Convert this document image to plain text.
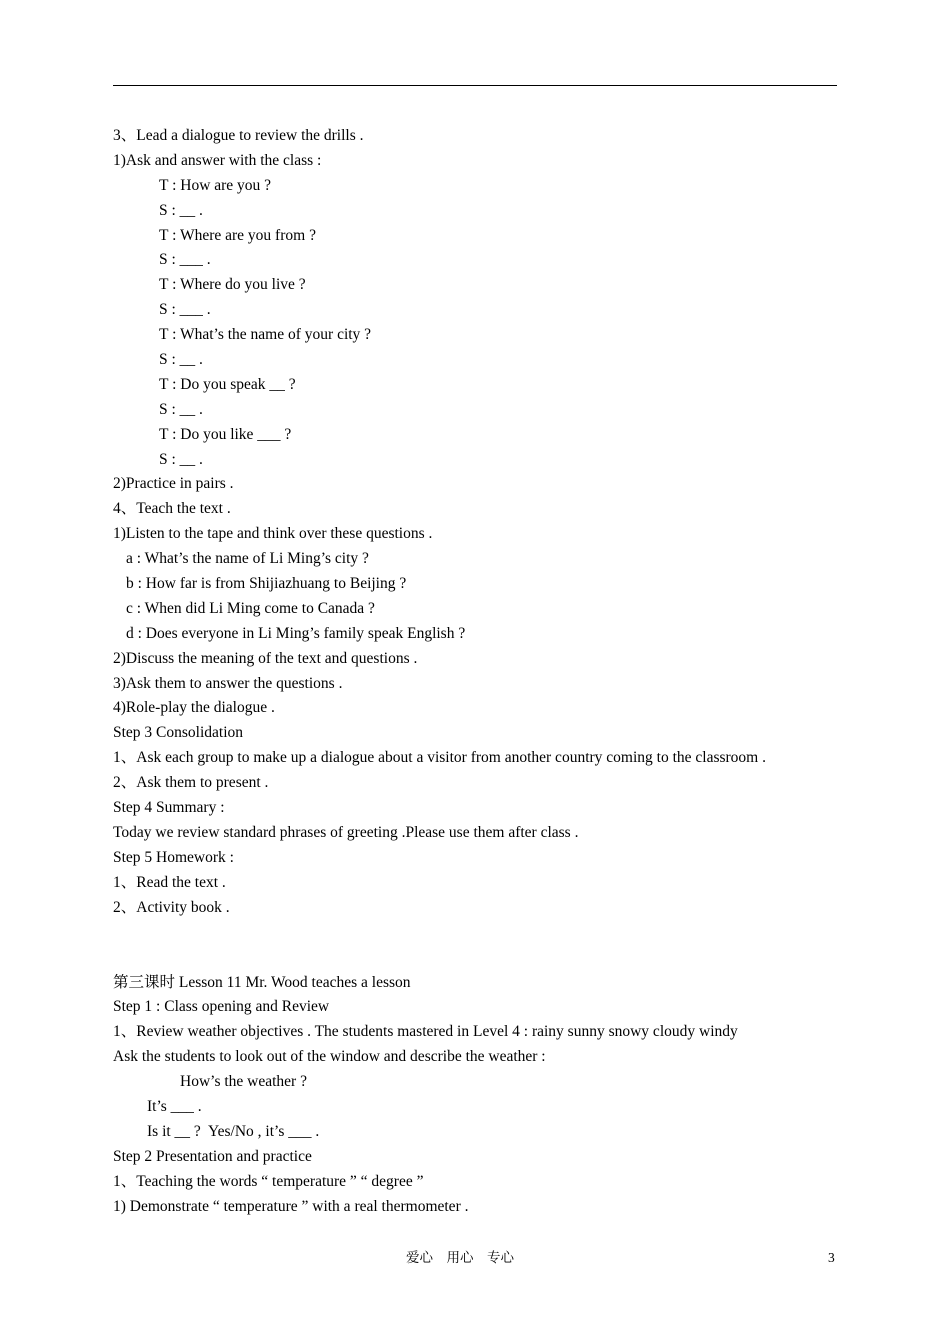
3、Lead a dialogue to review the drills .
1)Ask and answer with the class :
T : How are you ?
S : __ .
T : Where are you from ?
S : ___ .
T : Where do you live ?
S : ___ .
T : What’s the name of your city ?
S : __ .
T : Do you speak __ ?
S : __ .
T : Do you like ___ ?
S : __ .
2)Practice in pairs .
4、Teach the text .
1)Listen to the tape and think over these questions .
a : What’s the name of Li Ming’s city ?
b : How far is from Shijiazhuang to Beijing ?
c : When did Li Ming come to Canada ?
d : Does everyone in Li Ming’s family speak English ?
2)Discuss the meaning of the text and questions .
3)Ask them to answer the questions .
4)Role-play the dialogue .
Step 3 Consolidation
1、Ask each group to make up a dialogue about a visitor from another country coming to the classroom .
2、Ask them to present .
Step 4 Summary :
Today we review standard phrases of greeting .Please use them after class .
Step 5 Homework :
1、Read the text .
2、Activity book .
第三课时 Lesson 11 Mr. Wood teaches a lesson
Step 1 : Class opening and Review
1、Review weather objectives . The students mastered in Level 4 : rainy sunny snowy cloudy windy
Ask the students to look out of the window and describe the weather :
How’s the weather ?
It’s ___ .
Is it __ ?  Yes/No , it’s ___ .
Step 2 Presentation and practice
1、Teaching the words “ temperature ” “ degree ”
1) Demonstrate “ temperature ” with a real thermometer .
爱心    用心    专心	3
